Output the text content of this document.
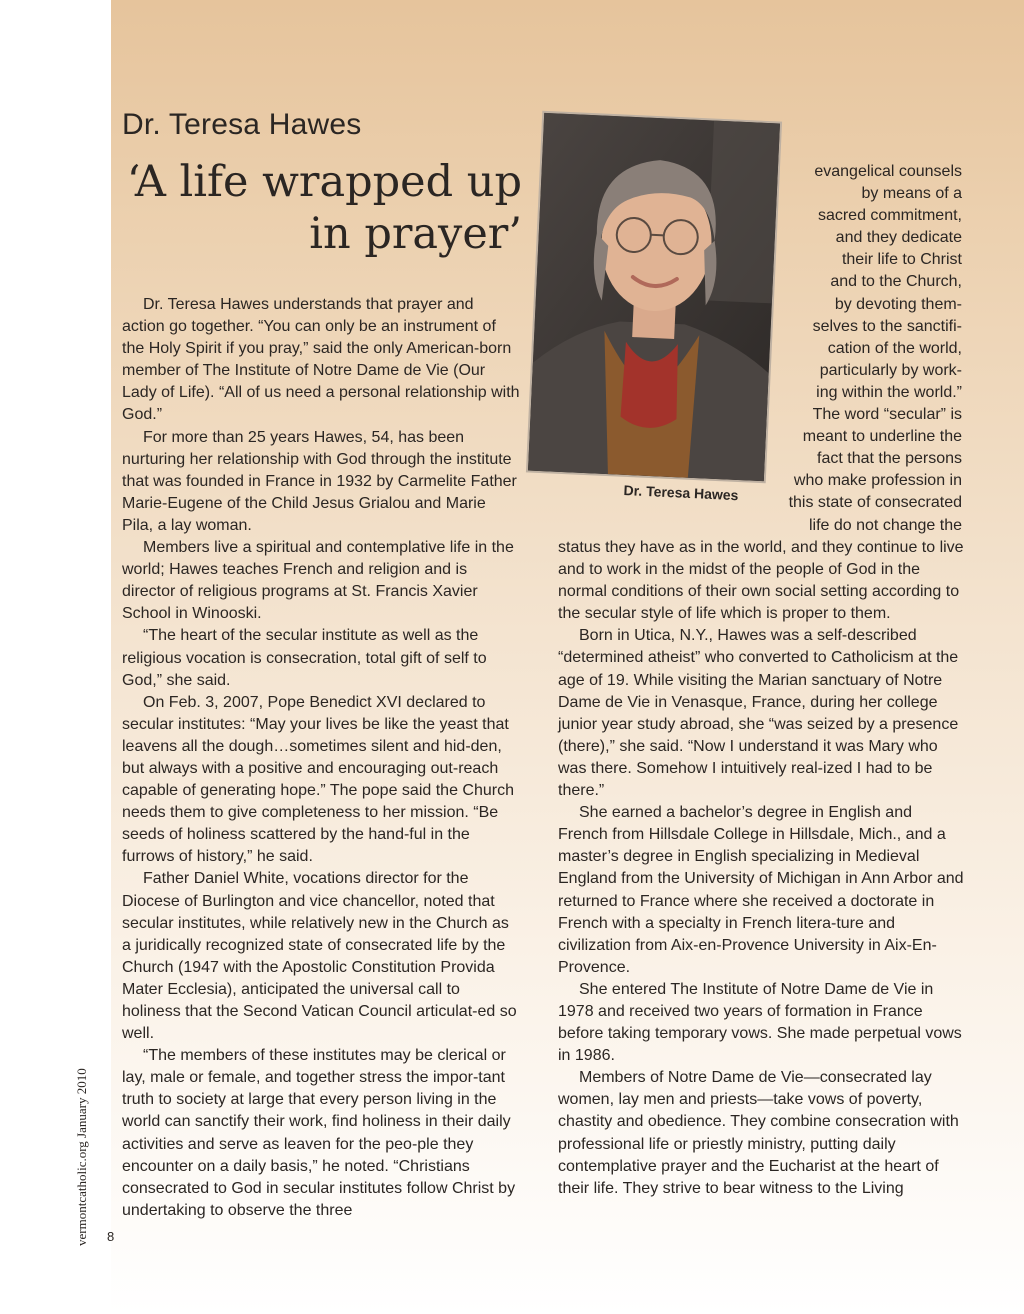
vermontcatholic.org January 2010 8
Dr. Teresa Hawes
‘A life wrapped up
in prayer’
Dr. Teresa Hawes

Dr. Teresa Hawes understands that prayer and action go together. “You can only be an instrument of the Holy Spirit if you pray,” said the only American-born member of The Institute of Notre Dame de Vie (Our Lady of Life). “All of us need a personal relationship with God.”

For more than 25 years Hawes, 54, has been nurturing her relationship with God through the institute that was founded in France in 1932 by Carmelite Father Marie-Eugene of the Child Jesus Grialou and Marie Pila, a lay woman.

Members live a spiritual and contemplative life in the world; Hawes teaches French and religion and is director of religious programs at St. Francis Xavier School in Winooski.

“The heart of the secular institute as well as the religious vocation is consecration, total gift of self to God,” she said.

On Feb. 3, 2007, Pope Benedict XVI declared to secular institutes: “May your lives be like the yeast that leavens all the dough…sometimes silent and hid-den, but always with a positive and encouraging out-reach capable of generating hope.” The pope said the Church needs them to give completeness to her mission. “Be seeds of holiness scattered by the hand-ful in the furrows of history,” he said.

Father Daniel White, vocations director for the Diocese of Burlington and vice chancellor, noted that secular institutes, while relatively new in the Church as a juridically recognized state of consecrated life by the Church (1947 with the Apostolic Constitution Provida Mater Ecclesia), anticipated the universal call to holiness that the Second Vatican Council articulat-ed so well.

“The members of these institutes may be clerical or lay, male or female, and together stress the impor-tant truth to society at large that every person living in the world can sanctify their work, find holiness in their daily activities and serve as leaven for the peo-ple they encounter on a daily basis,” he noted. “Christians consecrated to God in secular institutes follow Christ by undertaking to observe the three

evangelical counsels
by means of a
sacred commitment,
and they dedicate
their life to Christ
and to the Church,
by devoting them-
selves to the sanctifi-
cation of the world,
particularly by work-
ing within the world.”
The word “secular” is
meant to underline the
fact that the persons
who make profession in
this state of consecrated
life do not change the

status they have as in the world, and they continue to live and to work in the midst of the people of God in the normal conditions of their own social setting according to the secular style of life which is proper to them.

Born in Utica, N.Y., Hawes was a self-described “determined atheist” who converted to Catholicism at the age of 19. While visiting the Marian sanctuary of Notre Dame de Vie in Venasque, France, during her college junior year study abroad, she “was seized by a presence (there),” she said. “Now I understand it was Mary who was there. Somehow I intuitively real-ized I had to be there.”

She earned a bachelor’s degree in English and French from Hillsdale College in Hillsdale, Mich., and a master’s degree in English specializing in Medieval England from the University of Michigan in Ann Arbor and returned to France where she received a doctorate in French with a specialty in French litera-ture and civilization from Aix-en-Provence University in Aix-En-Provence.

She entered The Institute of Notre Dame de Vie in 1978 and received two years of formation in France before taking temporary vows. She made perpetual vows in 1986.

Members of Notre Dame de Vie—consecrated lay women, lay men and priests—take vows of poverty, chastity and obedience. They combine consecration with professional life or priestly ministry, putting daily contemplative prayer and the Eucharist at the heart of their life. They strive to bear witness to the Living
